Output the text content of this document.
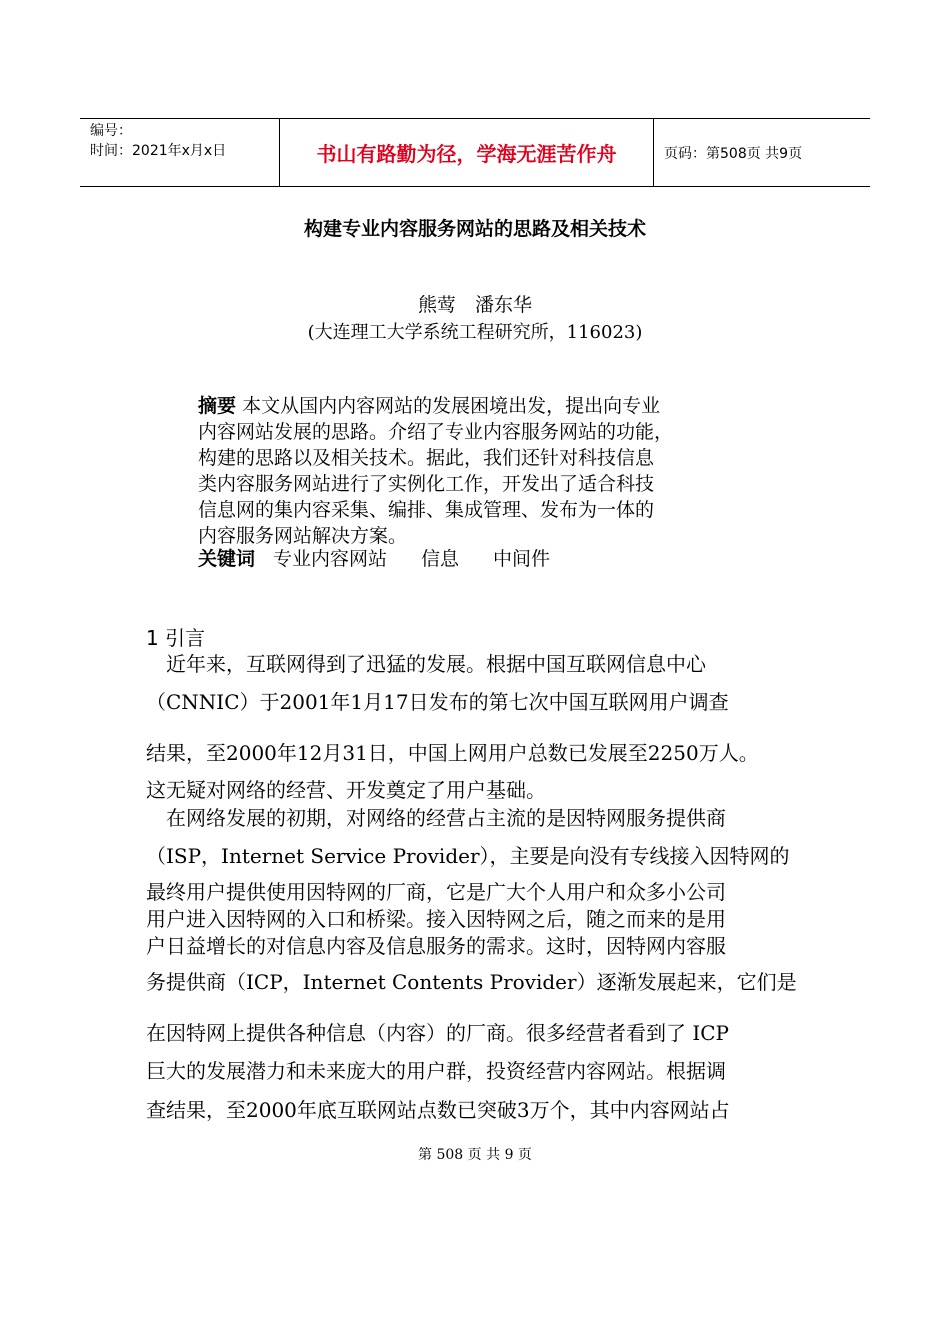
编号：
时间：2021年x月x日	书山有路勤为径，学海无涯苦作舟	页码：第508页 共9页
构建专业内容服务网站的思路及相关技术
熊莺　潘东华
(大连理工大学系统工程研究所，116023)
摘要 本文从国内内容网站的发展困境出发，提出向专业
内容网站发展的思路。介绍了专业内容服务网站的功能，
构建的思路以及相关技术。据此，我们还针对科技信息
类内容服务网站进行了实例化工作，开发出了适合科技
信息网的集内容采集、编排、集成管理、发布为一体的
内容服务网站解决方案。
关键词 专业内容网站 信息 中间件
1 引言
　近年来，互联网得到了迅猛的发展。根据中国互联网信息中心
（CNNIC）于2001年1月17日发布的第七次中国互联网用户调查
结果，至2000年12月31日，中国上网用户总数已发展至2250万人。
这无疑对网络的经营、开发奠定了用户基础。
　在网络发展的初期，对网络的经营占主流的是因特网服务提供商
（ISP，Internet Service Provider），主要是向没有专线接入因特网的
最终用户提供使用因特网的厂商，它是广大个人用户和众多小公司
用户进入因特网的入口和桥梁。接入因特网之后，随之而来的是用
户日益增长的对信息内容及信息服务的需求。这时，因特网内容服
务提供商（ICP，Internet Contents Provider）逐渐发展起来，它们是
在因特网上提供各种信息（内容）的厂商。很多经营者看到了 ICP
巨大的发展潜力和未来庞大的用户群，投资经营内容网站。根据调
查结果，至2000年底互联网站点数已突破3万个，其中内容网站占
第 508 页 共 9 页
